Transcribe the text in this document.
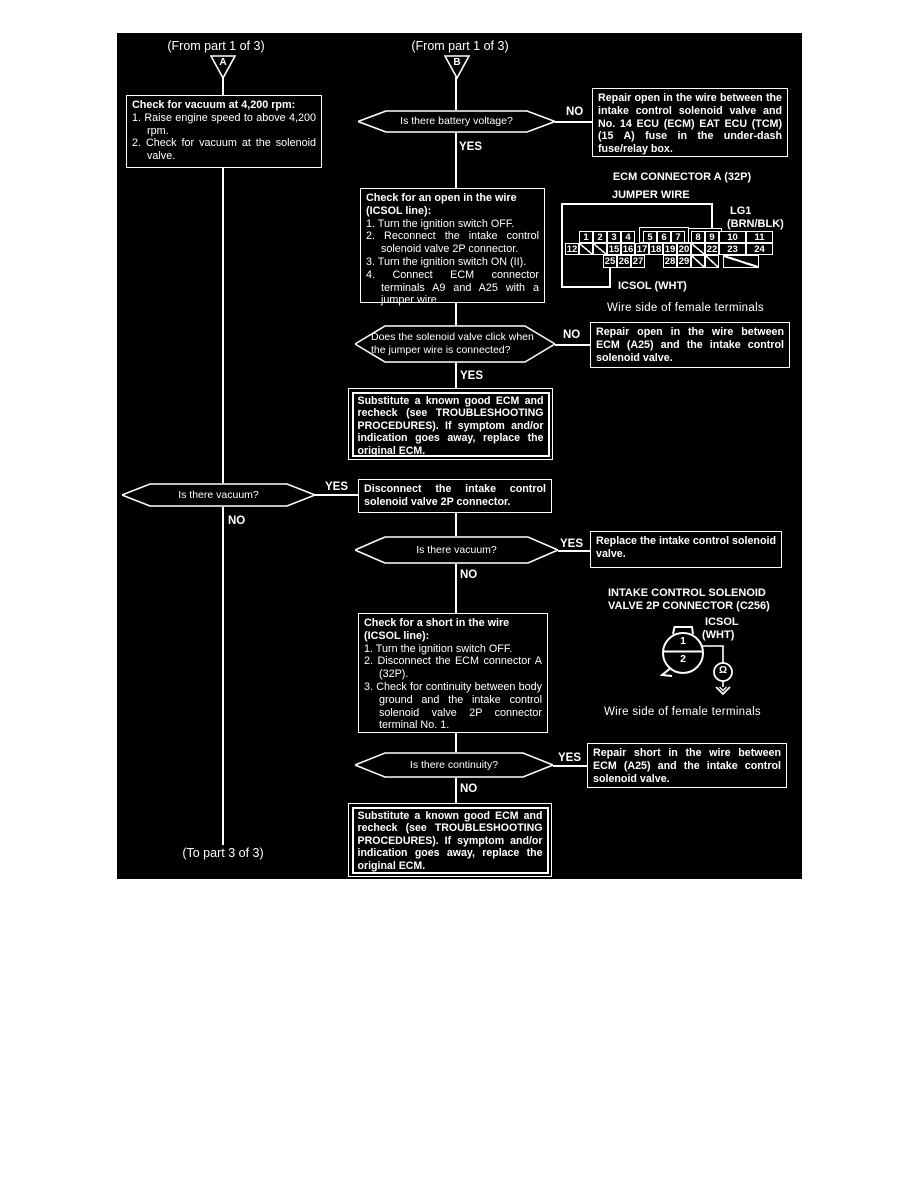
(From part 1 of 3)
A
Check for vacuum at 4,200 rpm:
1. Raise engine speed to above 4,200 rpm.
2. Check for vacuum at the solenoid valve.
Is there vacuum?
YES
NO
(To part 3 of 3)
(From part 1 of 3)
B
Is there battery voltage?
NO
Repair open in the wire between the intake control solenoid valve and No. 14 ECU (ECM) EAT ECU (TCM) (15 A) fuse in the under-dash fuse/relay box.
YES
Check for an open in the wire (ICSOL line):
1. Turn the ignition switch OFF.
2. Reconnect the intake control solenoid valve 2P connector.
3. Turn the ignition switch ON (II).
4. Connect ECM connector terminals A9 and A25 with a jumper wire.
ECM CONNECTOR A (32P)
JUMPER WIRE
LG1
(BRN/BLK)
1 2 3 4	5 6 7	8 9	10	11
12	15 16 17 18 19 20 22	23	24
25 26 27 28 29
ICSOL (WHT)
Wire side of female terminals
Does the solenoid valve click when the jumper wire is connected?
NO	Repair open in the wire between ECM (A25) and the intake control solenoid valve.
YES
Substitute a known good ECM and recheck (see TROUBLESHOOTING PROCEDURES). If symptom and/or indication goes away, replace the original ECM.
Disconnect the intake control solenoid valve 2P connector.
Is there vacuum?	YES	Replace the intake control solenoid valve.
NO
INTAKE CONTROL SOLENOID
VALVE 2P CONNECTOR (C256)
ICSOL
(WHT)
1
2
Ω
Wire side of female terminals
Check for a short in the wire (ICSOL line):
1. Turn the ignition switch OFF.
2. Disconnect the ECM connector A (32P).
3. Check for continuity between body ground and the intake control solenoid valve 2P connector terminal No. 1.
Is there continuity?
YES	Repair short in the wire between ECM (A25) and the intake control solenoid valve.
NO
Substitute a known good ECM and recheck (see TROUBLESHOOTING PROCEDURES). If symptom and/or indication goes away, replace the original ECM.
